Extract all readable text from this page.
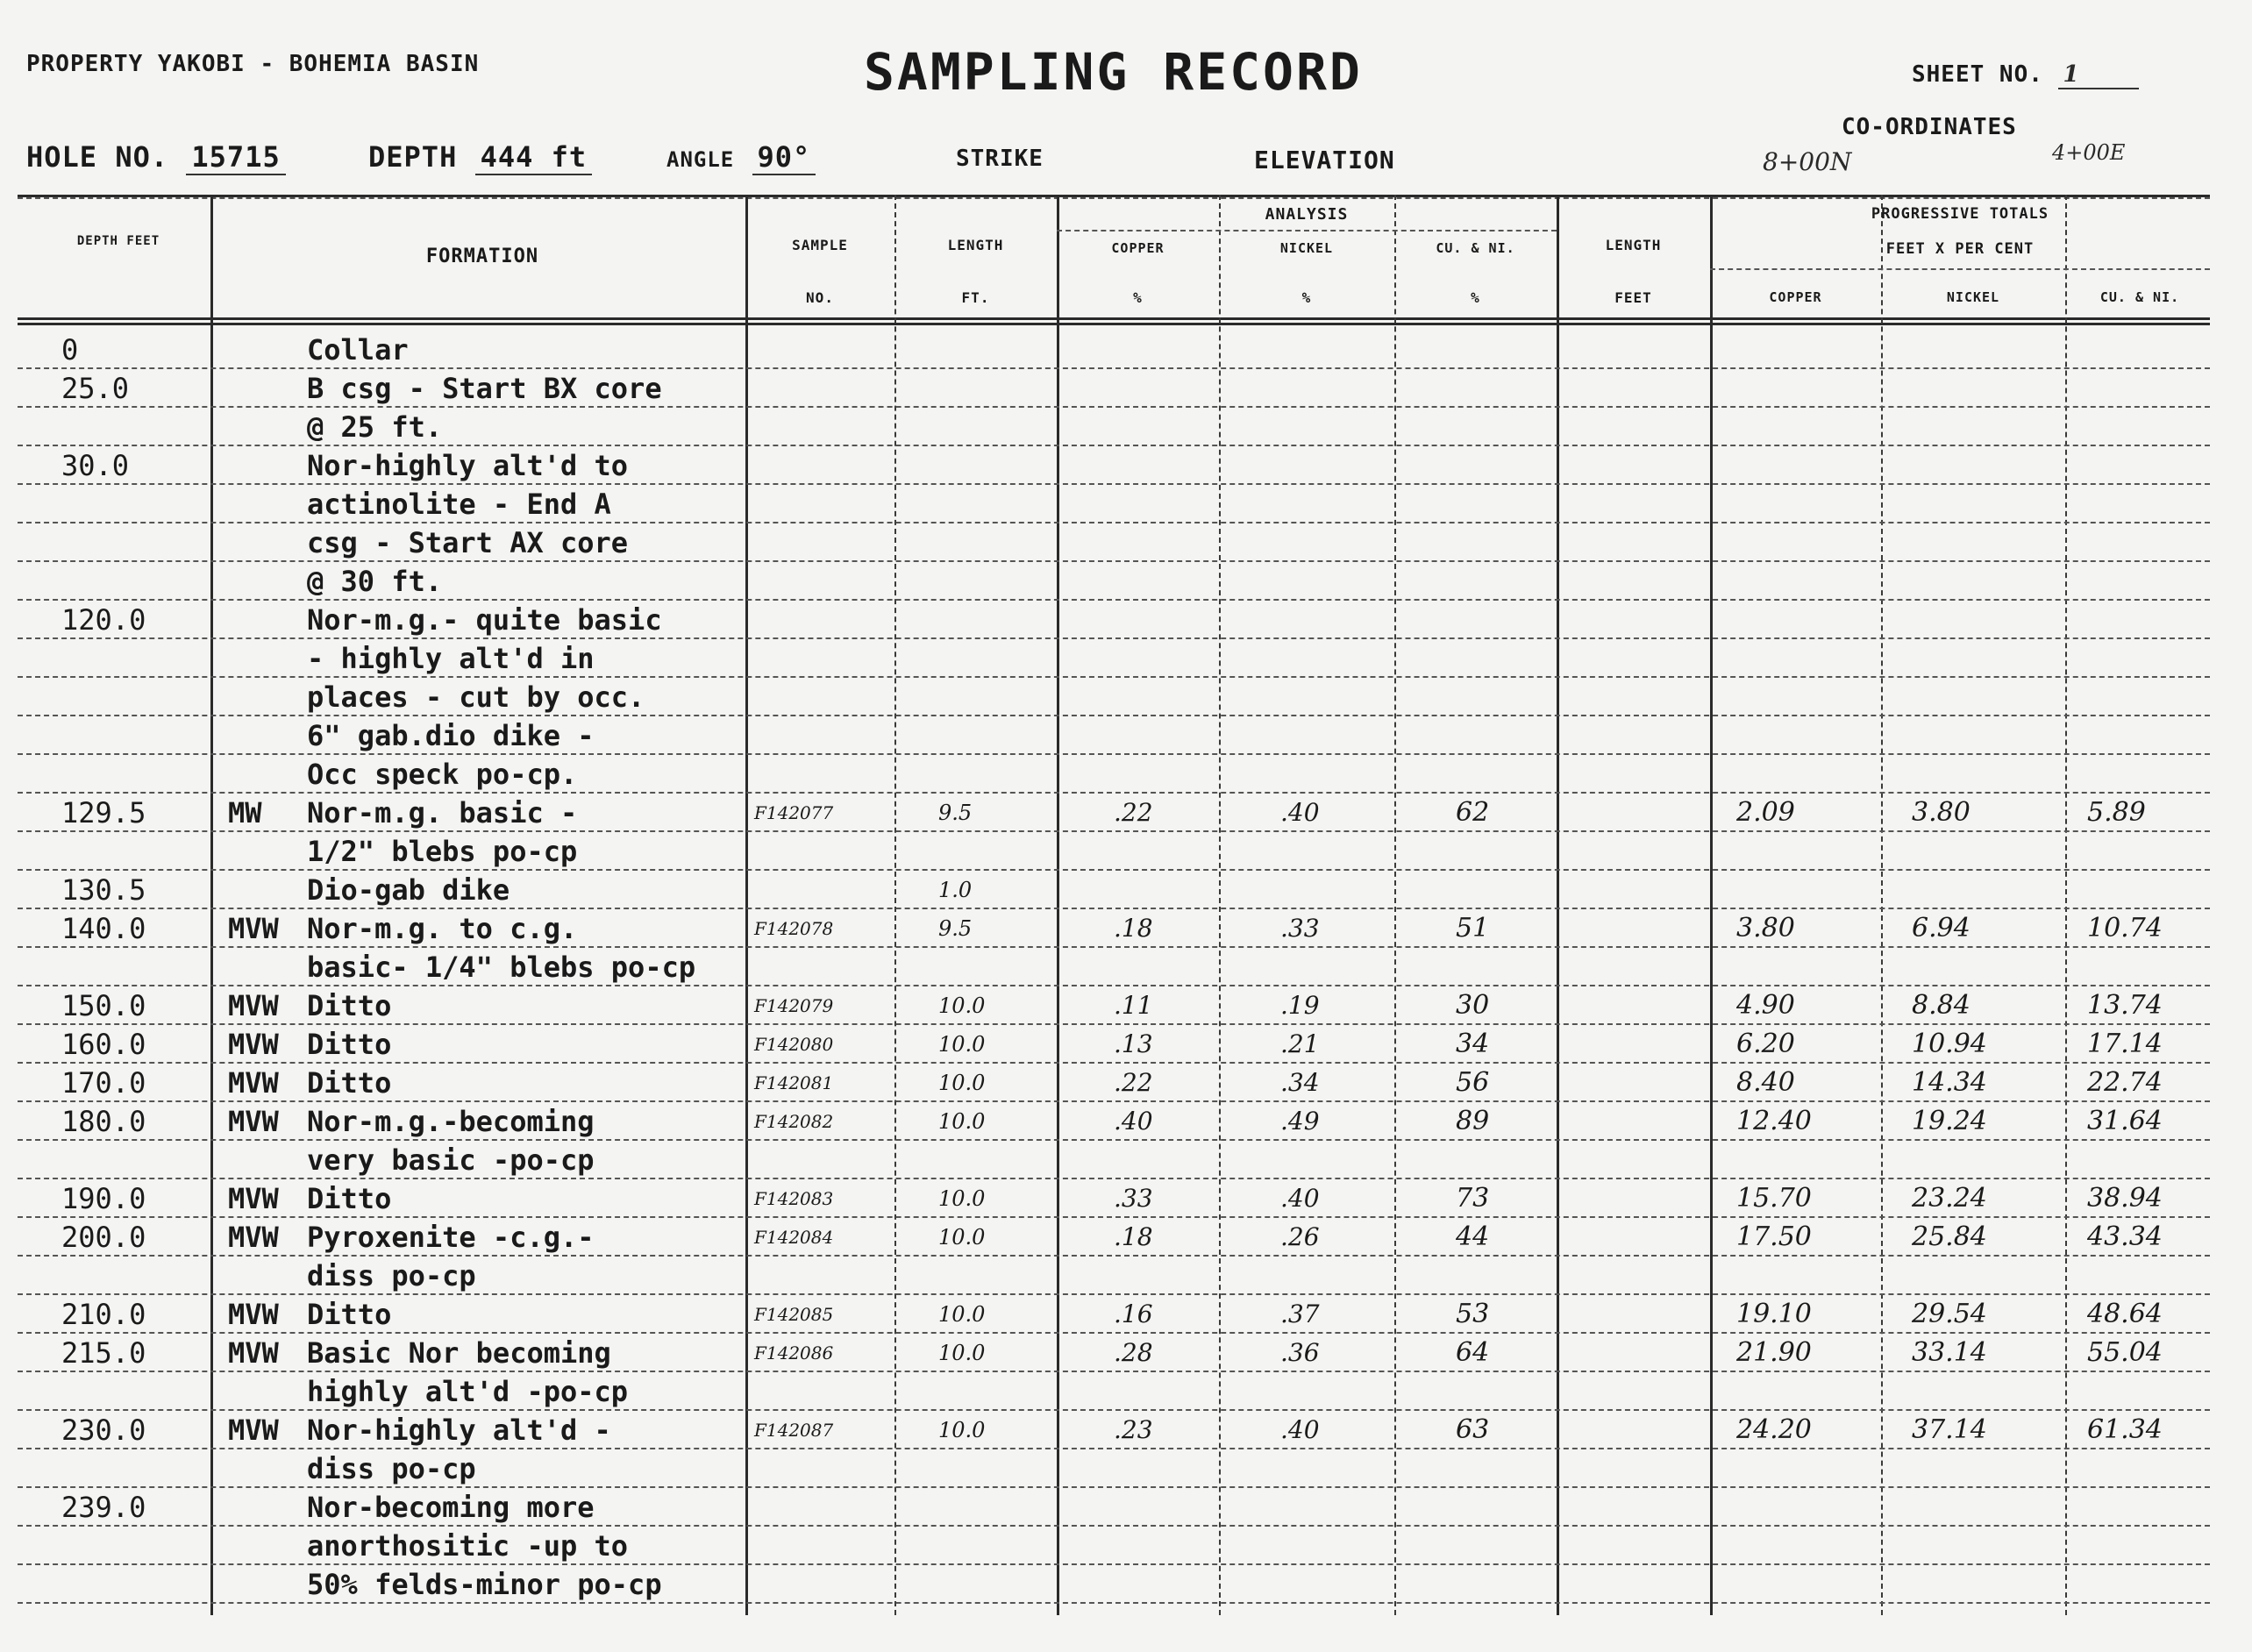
PROPERTY YAKOBI - BOHEMIA BASIN	SAMPLING RECORD	SHEET NO. 1
HOLE NO. 15715	DEPTH 444 ft	ANGLE 90°	STRIKE	ELEVATION
CO-ORDINATES
8+00N	4+00E
DEPTH FEET
FORMATION
SAMPLE
NO.
LENGTH
FT.
ANALYSIS
COPPER	NICKEL	CU. & NI.
%	%	%
LENGTH
FEET
PROGRESSIVE TOTALS
FEET X PER CENT
COPPER	NICKEL	CU. & NI.
0	Collar
25.0	B csg - Start BX core
@ 25 ft.
30.0	Nor-highly alt'd to
actinolite - End A
csg - Start AX core
@ 30 ft.
120.0	Nor-m.g.- quite basic
- highly alt'd in
places - cut by occ.
6" gab.dio dike -
Occ speck po-cp.
129.5	MW	Nor-m.g. basic -	F142077	9.5	.22	.40	62	2.09	3.80	5.89
1/2" blebs po-cp
130.5	Dio-gab dike	1.0
140.0	MVW	Nor-m.g. to c.g.	F142078	9.5	.18	.33	51	3.80	6.94	10.74
basic- 1/4" blebs po-cp
150.0	MVW	Ditto	F142079	10.0	.11	.19	30	4.90	8.84	13.74
160.0	MVW	Ditto	F142080	10.0	.13	.21	34	6.20	10.94	17.14
170.0	MVW	Ditto	F142081	10.0	.22	.34	56	8.40	14.34	22.74
180.0	MVW	Nor-m.g.-becoming	F142082	10.0	.40	.49	89	12.40	19.24	31.64
very basic -po-cp
190.0	MVW	Ditto	F142083	10.0	.33	.40	73	15.70	23.24	38.94
200.0	MVW	Pyroxenite -c.g.-	F142084	10.0	.18	.26	44	17.50	25.84	43.34
diss po-cp
210.0	MVW	Ditto	F142085	10.0	.16	.37	53	19.10	29.54	48.64
215.0	MVW	Basic Nor becoming	F142086	10.0	.28	.36	64	21.90	33.14	55.04
highly alt'd -po-cp
230.0	MVW	Nor-highly alt'd -	F142087	10.0	.23	.40	63	24.20	37.14	61.34
diss po-cp
239.0	Nor-becoming more
anorthositic -up to
50% felds-minor po-cp
